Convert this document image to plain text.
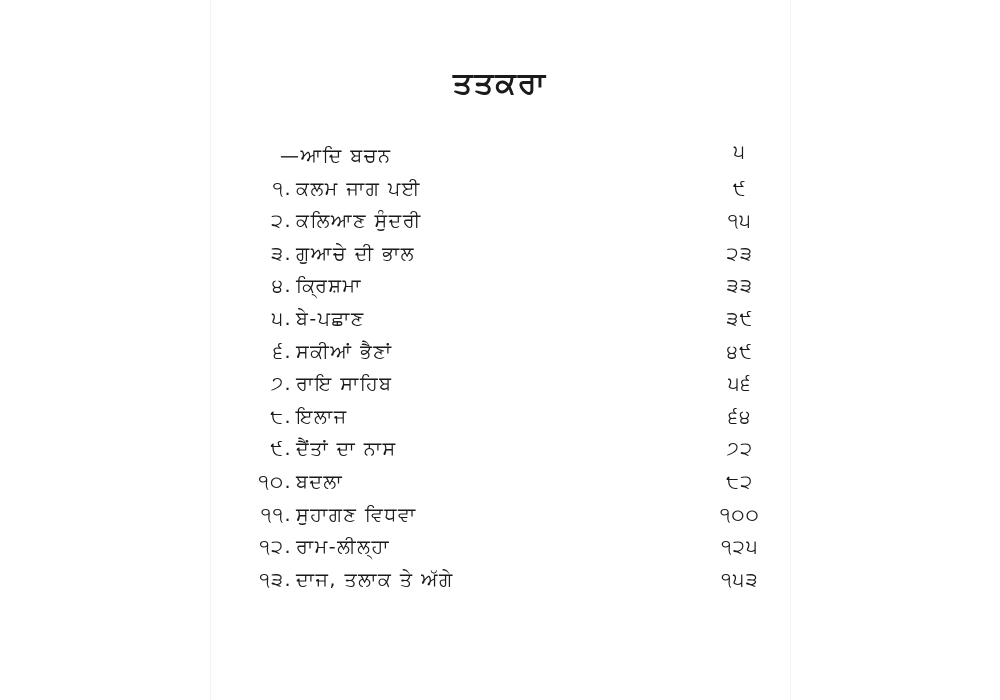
ਤਤਕਰਾ
—ਆਦਿ ਬਚਨ	੫
੧. ਕਲਮ ਜਾਗ ਪਈ	੯
੨. ਕਲਿਆਣ ਸੁੰਦਰੀ	੧੫
੩. ਗੁਆਚੇ ਦੀ ਭਾਲ	੨੩
੪. ਕ੍ਰਿਸ਼ਮਾ	੩੩
੫. ਬੇ-ਪਛਾਣ	੩੯
੬. ਸਕੀਆਂ ਭੈਣਾਂ	੪੯
੭. ਰਾਇ ਸਾਹਿਬ	੫੬
੮. ਇਲਾਜ	੬੪
੯. ਦੈਂਤਾਂ ਦਾ ਨਾਸ	੭੨
੧੦. ਬਦਲਾ	੮੨
੧੧. ਸੁਹਾਗਣ ਵਿਧਵਾ	੧੦੦
੧੨. ਰਾਮ-ਲੀਲ੍ਹਾ	੧੨੫
੧੩. ਦਾਜ, ਤਲਾਕ ਤੇ ਅੱਗੇ	੧੫੩
